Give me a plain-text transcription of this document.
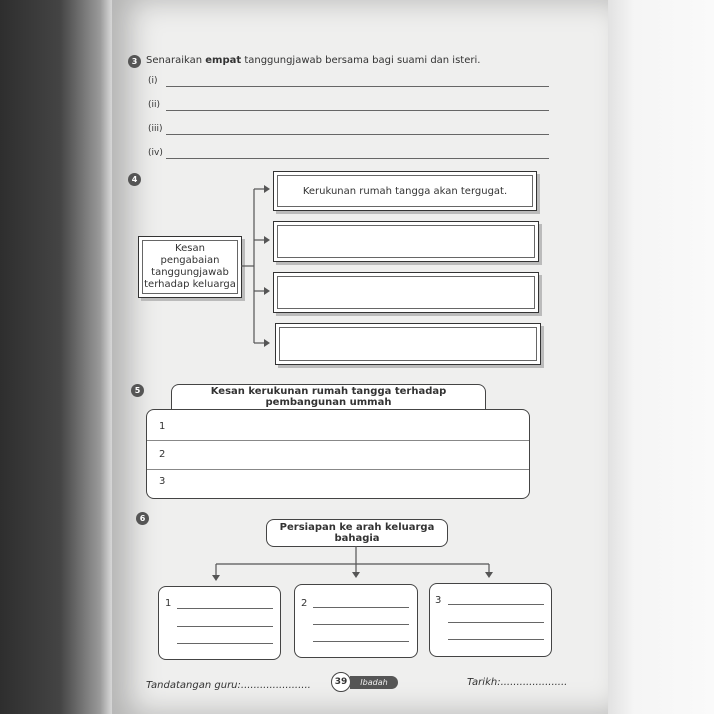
3 Senaraikan empat tanggungjawab bersama bagi suami dan isteri.
(i)
(ii)
(iii)
(iv)
4
Kesan pengabaian tanggungjawab terhadap keluarga
Kerukunan rumah tangga akan tergugat.
5
1
2
3
Kesan kerukunan rumah tangga terhadap pembangunan ummah
6
Persiapan ke arah keluarga bahagia
1	2	3
Tandatangan guru:......................	39 Ibadah	Tarikh:.....................
